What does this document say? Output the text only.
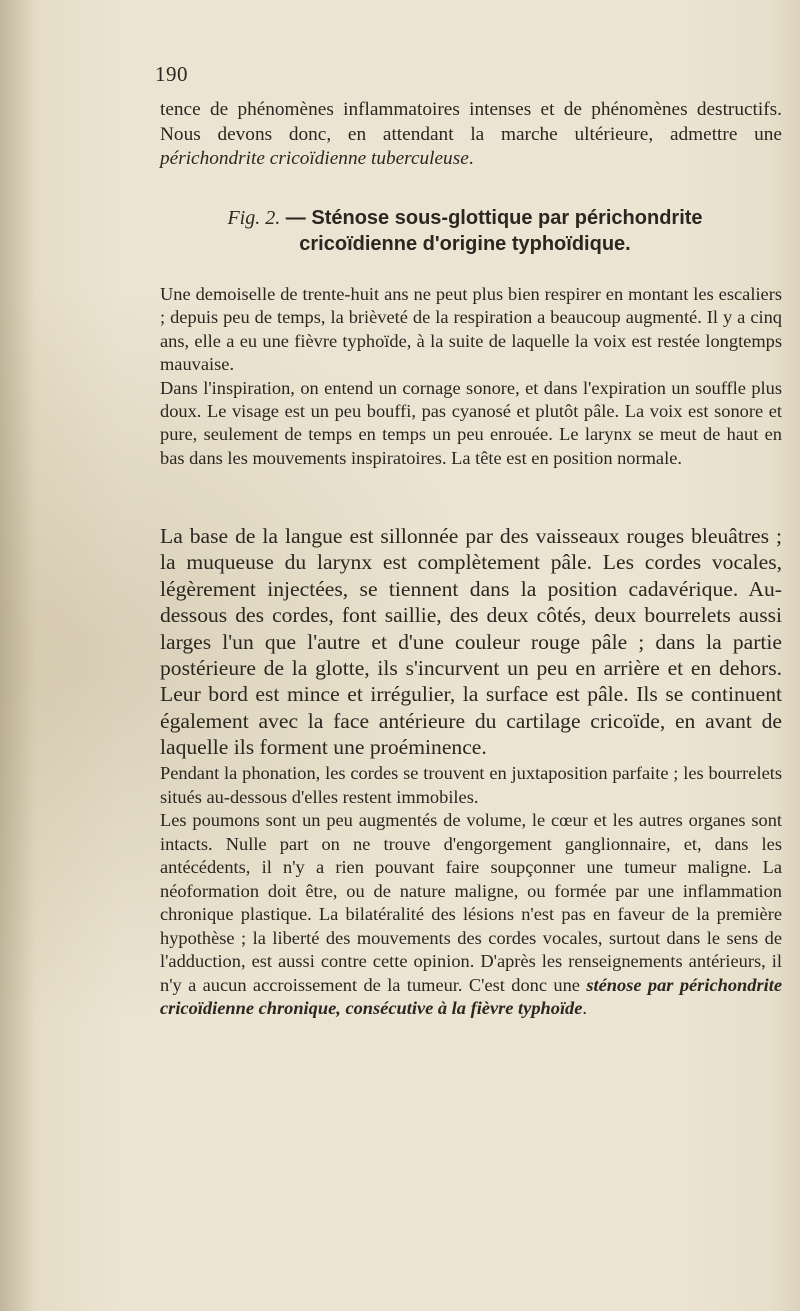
190

tence de phénomènes inflammatoires intenses et de phénomènes destructifs. Nous devons donc, en attendant la marche ultérieure, admettre une périchondrite cricoïdienne tuberculeuse.

Fig. 2. — Sténose sous-glottique par périchondrite
cricoïdienne d'origine typhoïdique.

Une demoiselle de trente-huit ans ne peut plus bien respirer en montant les escaliers ; depuis peu de temps, la brièveté de la respiration a beaucoup augmenté. Il y a cinq ans, elle a eu une fièvre typhoïde, à la suite de laquelle la voix est restée longtemps mauvaise.

Dans l'inspiration, on entend un cornage sonore, et dans l'expiration un souffle plus doux. Le visage est un peu bouffi, pas cyanosé et plutôt pâle. La voix est sonore et pure, seulement de temps en temps un peu enrouée. Le larynx se meut de haut en bas dans les mouvements inspiratoires. La tête est en position normale.

La base de la langue est sillonnée par des vaisseaux rouges bleuâtres ; la muqueuse du larynx est complètement pâle. Les cordes vocales, légèrement injectées, se tiennent dans la position cadavérique. Au-dessous des cordes, font saillie, des deux côtés, deux bourrelets aussi larges l'un que l'autre et d'une couleur rouge pâle ; dans la partie postérieure de la glotte, ils s'incurvent un peu en arrière et en dehors. Leur bord est mince et irrégulier, la surface est pâle. Ils se continuent également avec la face antérieure du cartilage cricoïde, en avant de laquelle ils forment une proéminence.

Pendant la phonation, les cordes se trouvent en juxtaposition parfaite ; les bourrelets situés au-dessous d'elles restent immobiles.

Les poumons sont un peu augmentés de volume, le cœur et les autres organes sont intacts. Nulle part on ne trouve d'engorgement ganglionnaire, et, dans les antécédents, il n'y a rien pouvant faire soupçonner une tumeur maligne. La néoformation doit être, ou de nature maligne, ou formée par une inflammation chronique plastique. La bilatéralité des lésions n'est pas en faveur de la première hypothèse ; la liberté des mouvements des cordes vocales, surtout dans le sens de l'adduction, est aussi contre cette opinion. D'après les renseignements antérieurs, il n'y a aucun accroissement de la tumeur. C'est donc une sténose par périchondrite cricoïdienne chronique, consécutive à la fièvre typhoïde.
